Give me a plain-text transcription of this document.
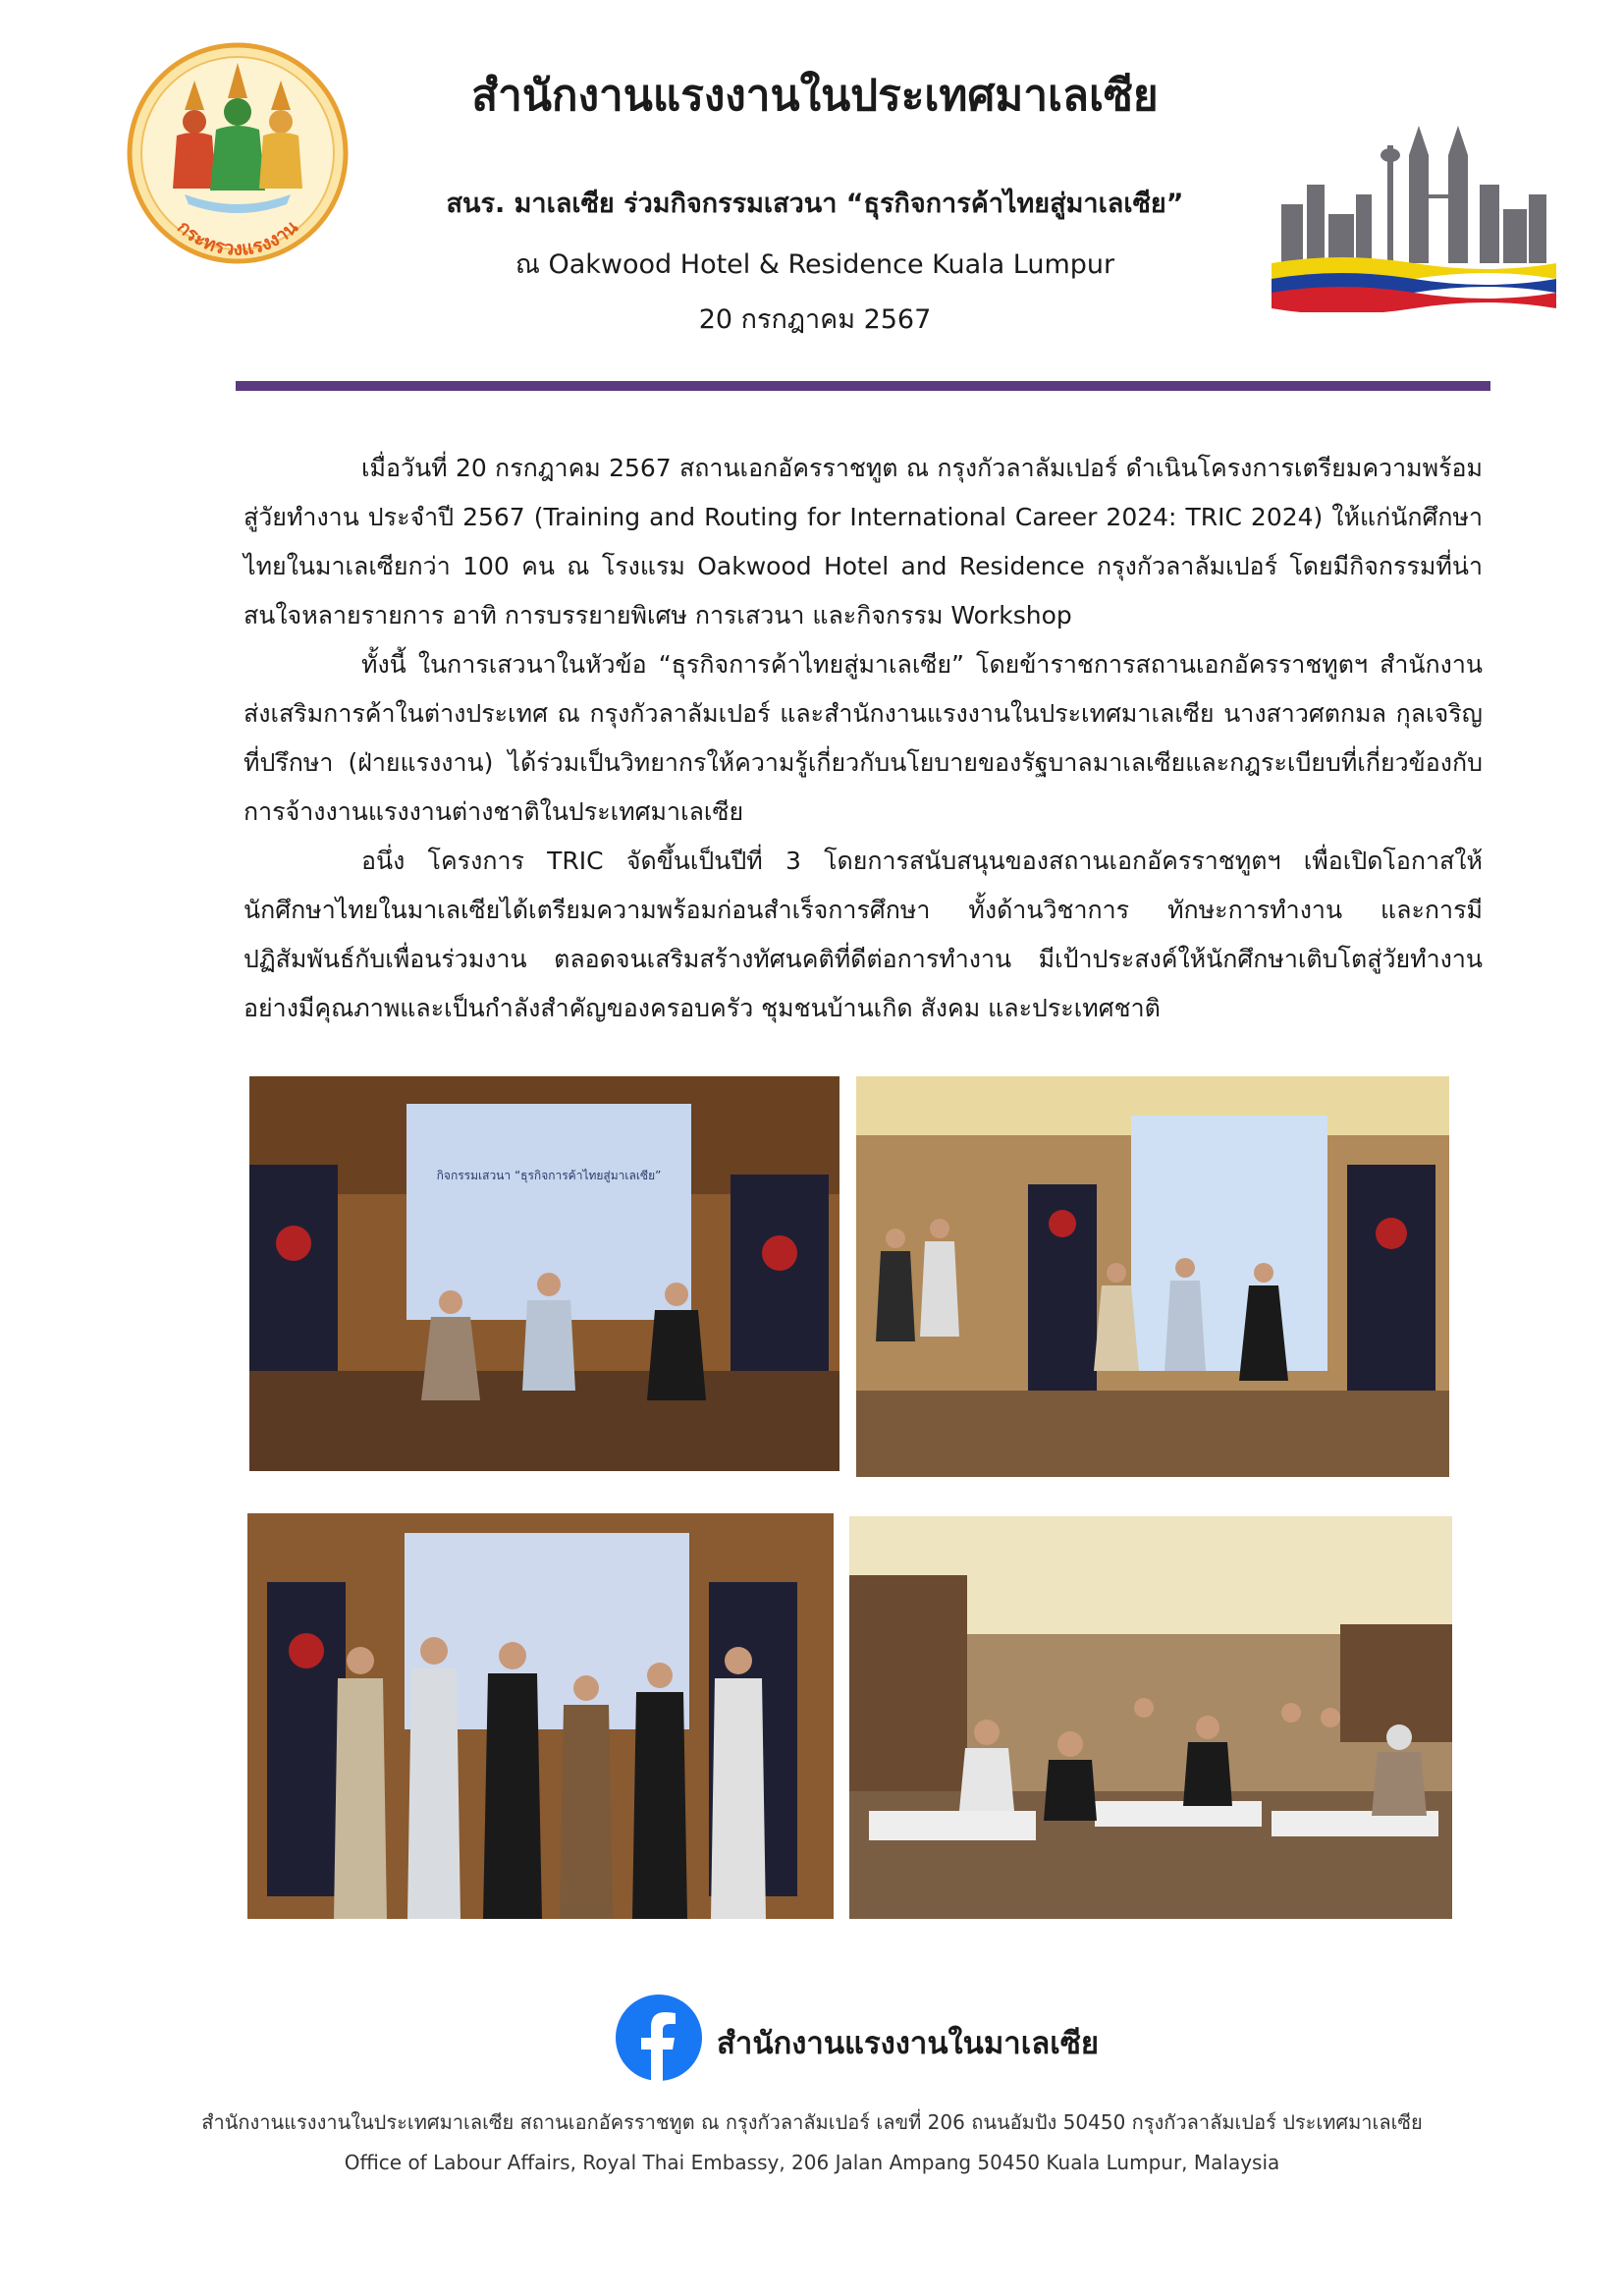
กระทรวงแรงงาน
สำนักงานแรงงานในประเทศมาเลเซีย
สนร. มาเลเซีย ร่วมกิจกรรมเสวนา “ธุรกิจการค้าไทยสู่มาเลเซีย”
ณ Oakwood Hotel & Residence Kuala Lumpur
20 กรกฎาคม 2567

เมื่อวันที่ 20 กรกฎาคม 2567 สถานเอกอัครราชทูต ณ กรุงกัวลาลัมเปอร์ ดำเนินโครงการเตรียมความพร้อมสู่วัยทำงาน ประจำปี 2567 (Training and Routing for International Career 2024: TRIC 2024) ให้แก่นักศึกษาไทยในมาเลเซียกว่า 100 คน ณ โรงแรม Oakwood Hotel and Residence กรุงกัวลาลัมเปอร์ โดยมีกิจกรรมที่น่าสนใจหลายรายการ อาทิ การบรรยายพิเศษ การเสวนา และกิจกรรม Workshop

ทั้งนี้ ในการเสวนาในหัวข้อ “ธุรกิจการค้าไทยสู่มาเลเซีย” โดยข้าราชการสถานเอกอัครราชทูตฯ สำนักงานส่งเสริมการค้าในต่างประเทศ ณ กรุงกัวลาลัมเปอร์ และสำนักงานแรงงานในประเทศมาเลเซีย นางสาวศตกมล กุลเจริญ ที่ปรึกษา (ฝ่ายแรงงาน) ได้ร่วมเป็นวิทยากรให้ความรู้เกี่ยวกับนโยบายของรัฐบาลมาเลเซียและกฎระเบียบที่เกี่ยวข้องกับการจ้างงานแรงงานต่างชาติในประเทศมาเลเซีย

อนึ่ง โครงการ TRIC จัดขึ้นเป็นปีที่ 3 โดยการสนับสนุนของสถานเอกอัครราชทูตฯ เพื่อเปิดโอกาสให้นักศึกษาไทยในมาเลเซียได้เตรียมความพร้อมก่อนสำเร็จการศึกษา ทั้งด้านวิชาการ ทักษะการทำงาน และการมีปฏิสัมพันธ์กับเพื่อนร่วมงาน ตลอดจนเสริมสร้างทัศนคติที่ดีต่อการทำงาน มีเป้าประสงค์ให้นักศึกษาเติบโตสู่วัยทำงานอย่างมีคุณภาพและเป็นกำลังสำคัญของครอบครัว ชุมชนบ้านเกิด สังคม และประเทศชาติ

กิจกรรมเสวนา “ธุรกิจการค้าไทยสู่มาเลเซีย”
สำนักงานแรงงานในมาเลเซีย
สำนักงานแรงงานในประเทศมาเลเซีย สถานเอกอัครราชทูต ณ กรุงกัวลาลัมเปอร์ เลขที่ 206 ถนนอัมปัง 50450 กรุงกัวลาลัมเปอร์ ประเทศมาเลเซีย
Office of Labour Affairs, Royal Thai Embassy, 206 Jalan Ampang 50450 Kuala Lumpur, Malaysia
